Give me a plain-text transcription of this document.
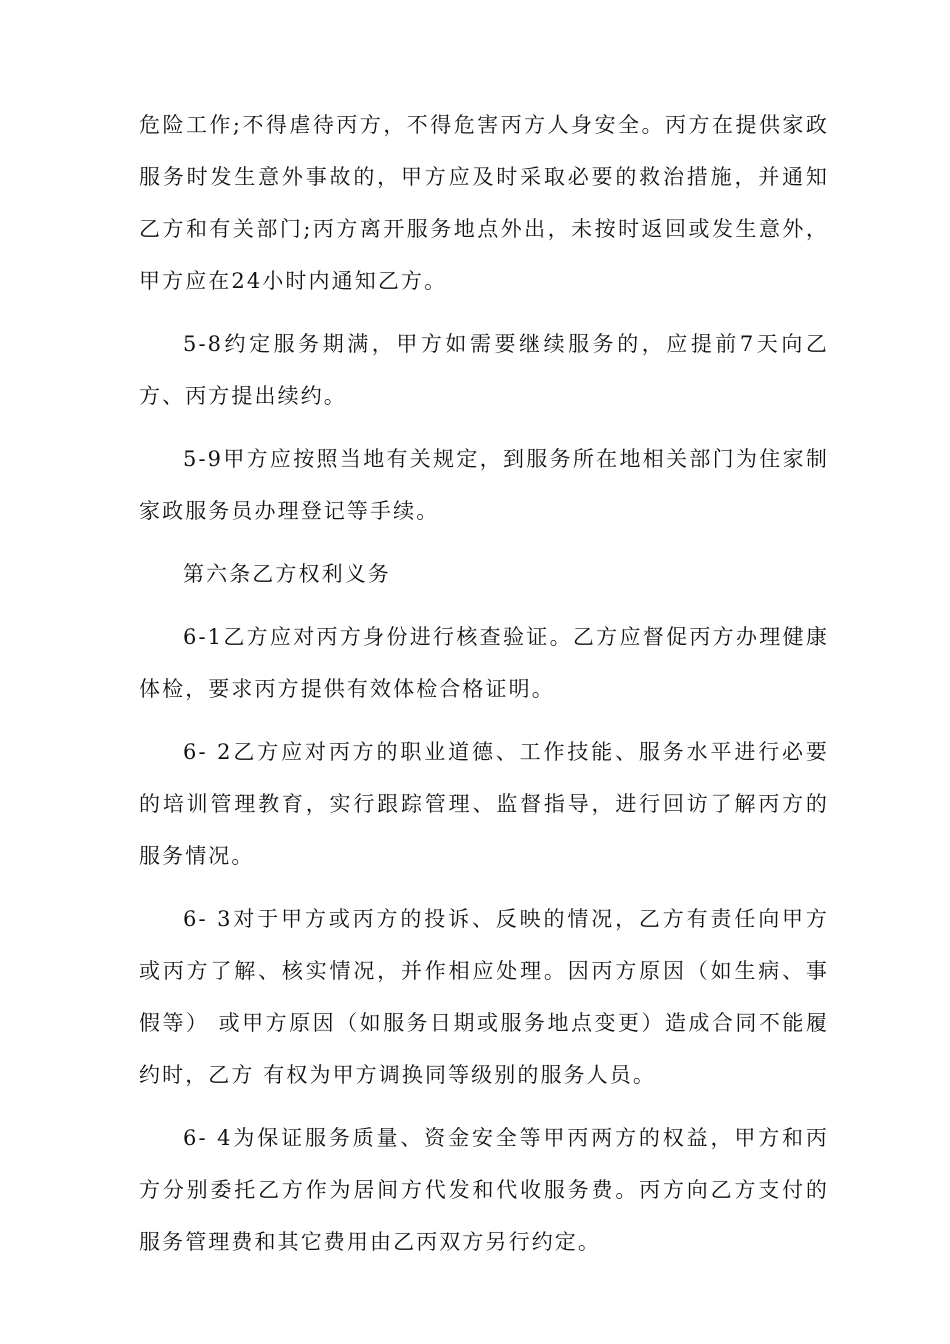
危险工作;不得虐待丙方，不得危害丙方人身安全。丙方在提供家政服务时发生意外事故的，甲方应及时采取必要的救治措施，并通知乙方和有关部门;丙方离开服务地点外出，未按时返回或发生意外，甲方应在24小时内通知乙方。

5-8约定服务期满，甲方如需要继续服务的，应提前7天向乙方、丙方提出续约。

5-9甲方应按照当地有关规定，到服务所在地相关部门为住家制家政服务员办理登记等手续。

第六条乙方权利义务

6-1乙方应对丙方身份进行核查验证。乙方应督促丙方办理健康体检，要求丙方提供有效体检合格证明。

6- 2乙方应对丙方的职业道德、工作技能、服务水平进行必要的培训管理教育，实行跟踪管理、监督指导，进行回访了解丙方的服务情况。

6- 3对于甲方或丙方的投诉、反映的情况，乙方有责任向甲方或丙方了解、核实情况，并作相应处理。因丙方原因（如生病、事假等） 或甲方原因（如服务日期或服务地点变更）造成合同不能履约时，乙方 有权为甲方调换同等级别的服务人员。

6- 4为保证服务质量、资金安全等甲丙两方的权益，甲方和丙方分别委托乙方作为居间方代发和代收服务费。丙方向乙方支付的服务管理费和其它费用由乙丙双方另行约定。
